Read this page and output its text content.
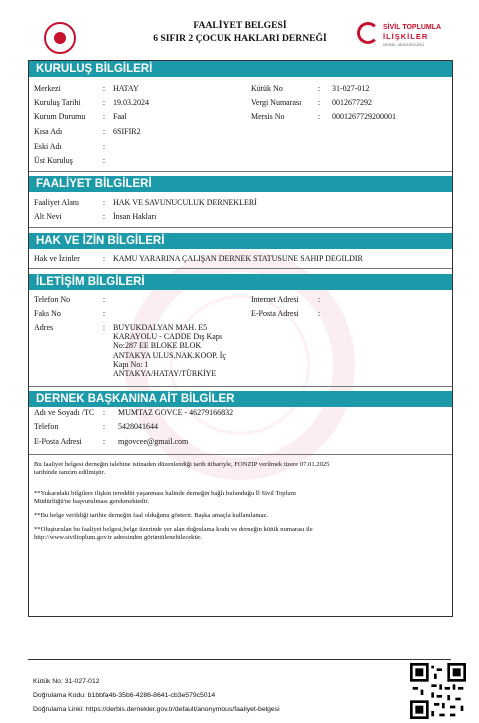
FAALİYET BELGESİ
6 SIFIR 2 ÇOCUK HAKLARI DERNEĞİ
SİVİL TOPLUMLA
İLİŞKİLER
GENEL MÜDÜRLÜĞÜ
KURULUŞ BİLGİLERİ
Merkezi	: HATAY
Kuruluş Tarihi	: 19.03.2024
Kurum Durumu : Faal
Kısa Adı	: 6SIFIR2
Eski Adı	:
Üst Kuruluş	:
Kütük No	: 31-027-012
Vergi Numarası : 0012677292
Mersis No	: 0001267729200001
FAALİYET BİLGİLERİ
Faaliyet Alanı	: HAK VE SAVUNUCULUK DERNEKLERİ
Alt Nevi	: İnsan Hakları
HAK VE İZİN BİLGİLERİ
Hak ve İzinler	: KAMU YARARINA ÇALIŞAN DERNEK STATUSUNE SAHIP DEGILDIR
İLETİŞİM BİLGİLERİ
Telefon No	:
Faks No	:
Adres	: BUYUKDALYAN MAH. E5
KARAYOLU - CADDE Dış Kapı
No:287 EE BLOKE BLOK
ANTAKYA ULUS.NAK.KOOP. İç
Kapı No: 1
ANTAKYA/HATAY/TÜRKİYE
Internet Adresi :
E-Posta Adresi :
DERNEK BAŞKANINA AİT BİLGİLER
Adı ve Soyadı /TC : MUMTAZ GOVCE - 46279166832
Telefon	: 5428041644
E-Posta Adresi	: mgovcee@gmail.com
Bu faaliyet belgesi derneğin talebine istinaden düzenlendiği tarih itibariyle, FONZIP verilmek üzere 07.01.2025 tarihinde tanzim edilmiştir.
**Yukarıdaki bilgilere ilişkin tereddüt yaşanması halinde derneğin bağlı bulunduğu İl Sivil Toplum Müdürlüğü'ne başvurulması gerekmektedir.
**Bu belge verildiği tarihte derneğin faal olduğunu gösterir. Başka amaçla kullanılamaz.
**Oluşturulan bu faaliyet belgesi,belge üzerinde yer alan doğrulama kodu ve derneğin kütük numarası ile http://www.siviltoplum.gov.tr adresinden görüntülenebilecektir.
Kütük No: 31-027-012
Doğrulama Kodu: b1bbfa4b-35b6-4286-8641-cb3e579c5014
Doğrulama Linki: https://derbis.dernekler.gov.tr/default/anonymous/faaliyet-belgesi
